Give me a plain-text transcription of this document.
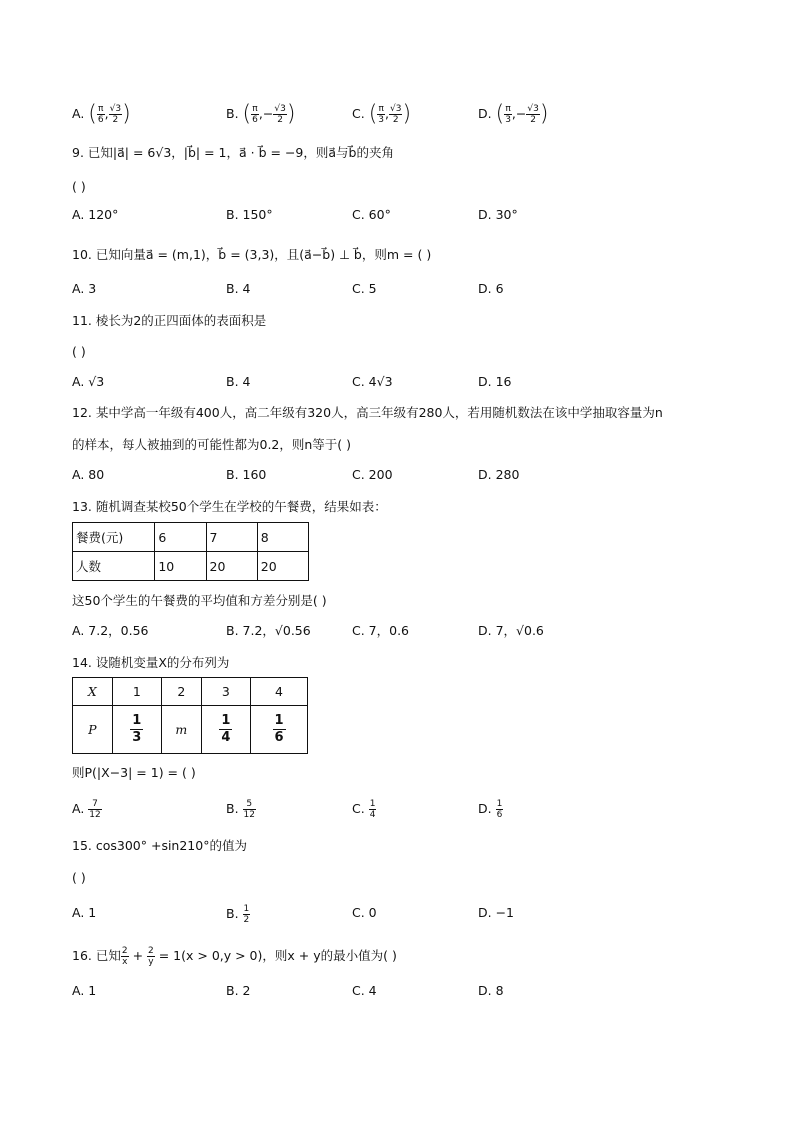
A. ( $\frac{\pi}{6}$ , $\frac{√3}{2}$ )	B. ( $\frac{\pi}{6}$ ,− $\frac{√3}{2}$ )	C. ( $\frac{\pi}{3}$ , $\frac{√3}{2}$ )	D. ( $\frac{\pi}{3}$ ,− $\frac{√3}{2}$ )
9. 已知|a⃗| = 6√3，|b⃗| = 1，a⃗ · b⃗ = −9，则a⃗与b⃗的夹角
( )
A. 120°	B. 150°	C. 60°	D. 30°
10. 已知向量a⃗ = (m,1)，b⃗ = (3,3)，且(a⃗−b⃗) ⊥ b⃗，则m = ( )
A. 3	B. 4	C. 5	D. 6
11. 棱长为2的正四面体的表面积是
( )
A. √3	B. 4	C. 4√3	D. 16
12. 某中学高一年级有400人，高二年级有320人，高三年级有280人，若用随机数法在该中学抽取容量为n
的样本，每人被抽到的可能性都为0.2，则n等于( )
A. 80	B. 160	C. 200	D. 280
13. 随机调查某校50个学生在学校的午餐费，结果如表：
餐费(元)	6	7	8
人数	10	20	20
这50个学生的午餐费的平均值和方差分别是( )
A. 7.2，0.56	B. 7.2，√0.56	C. 7，0.6	D. 7，√0.6
14. 设随机变量X的分布列为
X	1	2	3	4
P	$\frac{1}{3}$	m	$\frac{1}{4}$	$\frac{1}{6}$
则P(|X−3| = 1) = ( )
A. $\frac{7}{12}$	B. $\frac{5}{12}$	C. $\frac{1}{4}$	D. $\frac{1}{6}$
15. cos300° +sin210°的值为
( )
A. 1	B. $\frac{1}{2}$	C. 0	D. −1
16. 已知 $\frac{2}{x} + \frac{2}{y} = 1(x > 0,y > 0)$，则x + y的最小值为( )
A. 1	B. 2	C. 4	D. 8
